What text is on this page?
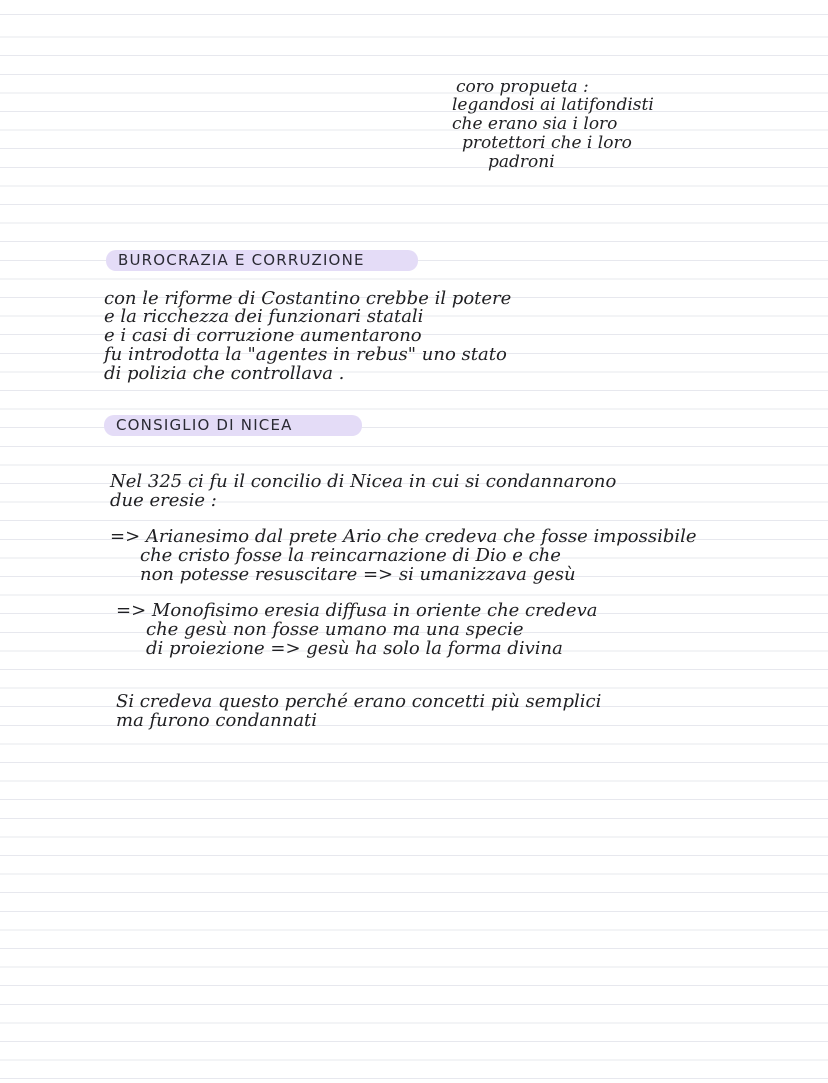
coro propueta :

legandosi ai latifondisti

che erano sia i loro

protettori che i loro

padroni

BUROCRAZIA E CORRUZIONE

con le riforme di Costantino crebbe il potere

e la ricchezza dei funzionari statali

e i casi di corruzione aumentarono

fu introdotta la "agentes in rebus" uno stato

di polizia che controllava .

CONSIGLIO DI NICEA

Nel 325 ci fu il concilio di Nicea in cui si condannarono

due eresie :

=> Arianesimo dal prete Ario che credeva che fosse impossibile

che cristo fosse la reincarnazione di Dio e che

non potesse resuscitare => si umanizzava gesù

=> Monofisimo eresia diffusa in oriente che credeva

che gesù non fosse umano ma una specie

di proiezione => gesù ha solo la forma divina

Si credeva questo perché erano concetti più semplici

ma furono condannati
